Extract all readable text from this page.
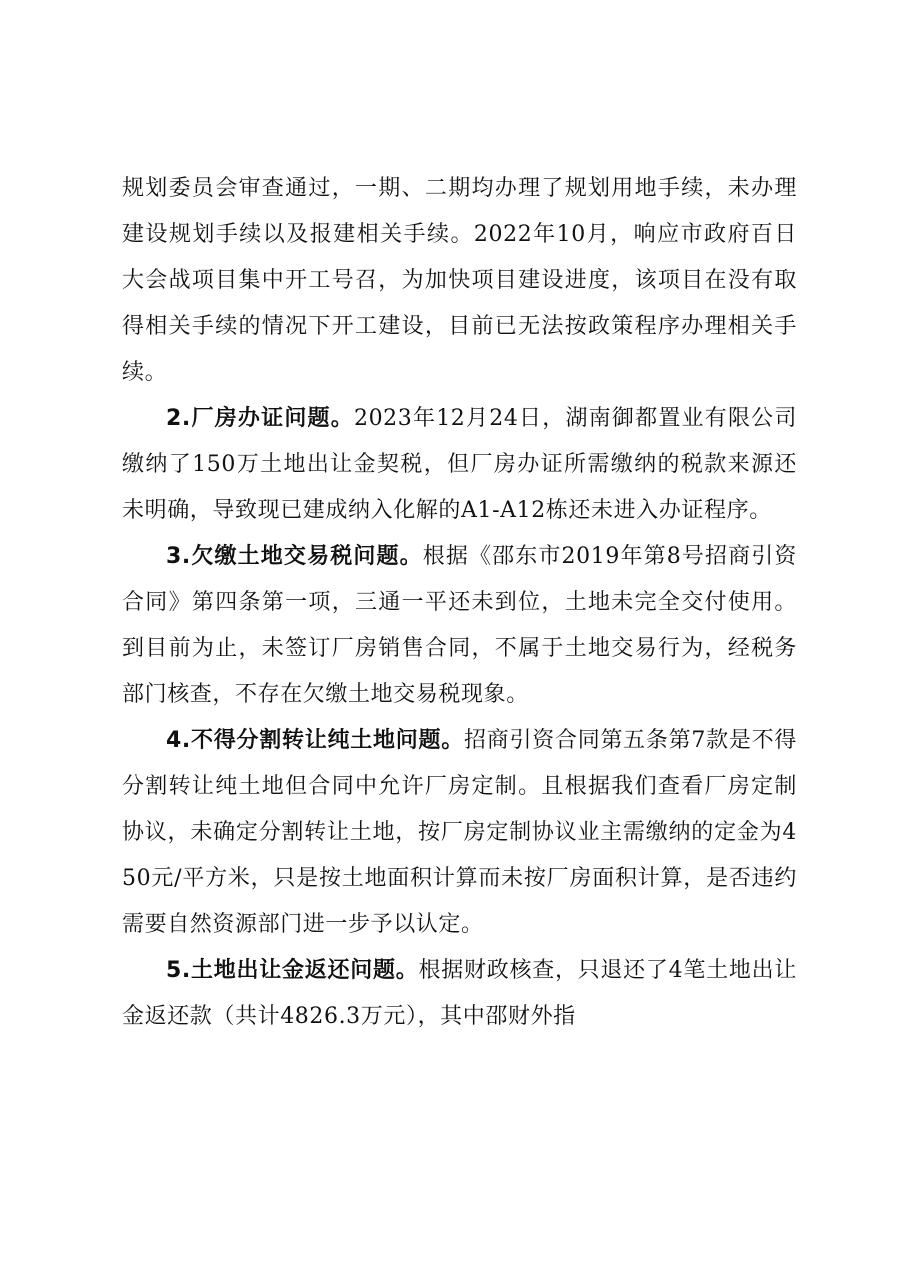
规划委员会审查通过，一期、二期均办理了规划用地手续，未办理建设规划手续以及报建相关手续。2022年10月，响应市政府百日大会战项目集中开工号召，为加快项目建设进度，该项目在没有取得相关手续的情况下开工建设，目前已无法按政策程序办理相关手续。

2.厂房办证问题。2023年12月24日，湖南御都置业有限公司缴纳了150万土地出让金契税，但厂房办证所需缴纳的税款来源还未明确，导致现已建成纳入化解的A1-A12栋还未进入办证程序。

3.欠缴土地交易税问题。根据《邵东市2019年第8号招商引资合同》第四条第一项，三通一平还未到位，土地未完全交付使用。到目前为止，未签订厂房销售合同，不属于土地交易行为，经税务部门核查，不存在欠缴土地交易税现象。

4.不得分割转让纯土地问题。招商引资合同第五条第7款是不得分割转让纯土地但合同中允许厂房定制。且根据我们查看厂房定制协议，未确定分割转让土地，按厂房定制协议业主需缴纳的定金为450元/平方米，只是按土地面积计算而未按厂房面积计算，是否违约需要自然资源部门进一步予以认定。

5.土地出让金返还问题。根据财政核查，只退还了4笔土地出让金返还款（共计4826.3万元），其中邵财外指
